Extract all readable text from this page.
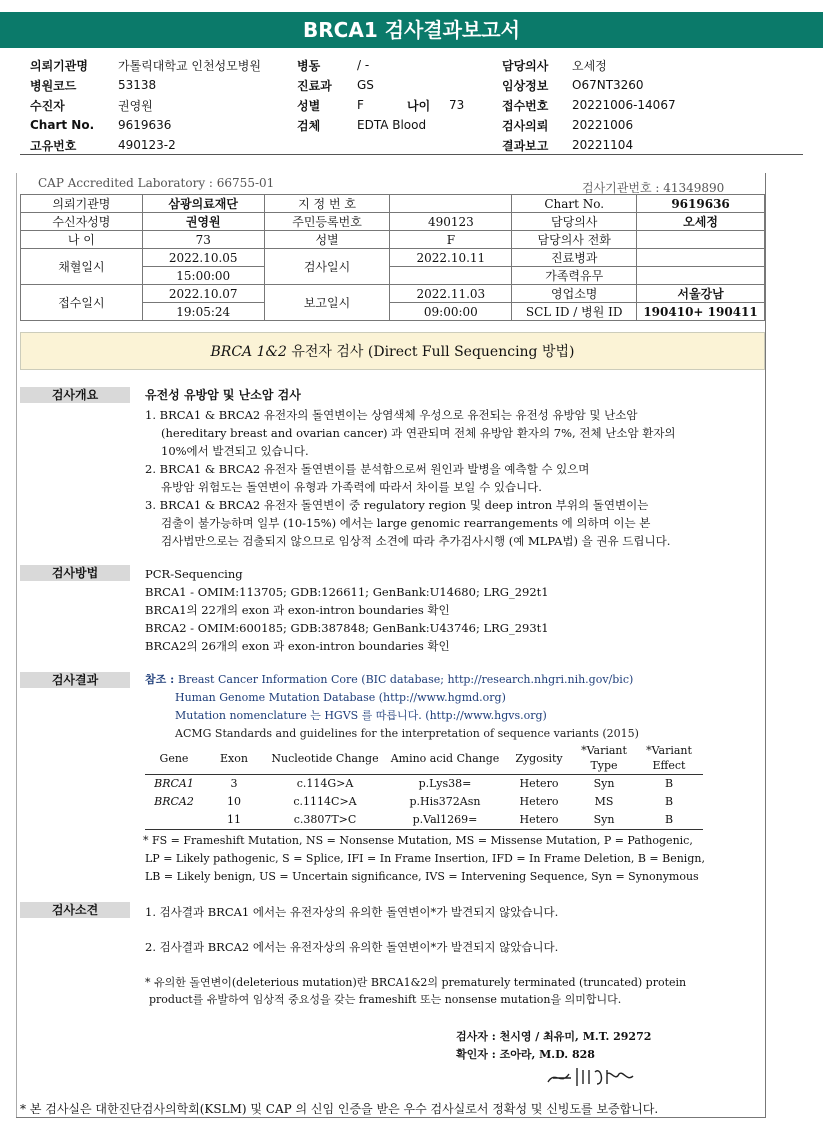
BRCA1 검사결과보고서
의뢰기관명	가톨릭대학교 인천성모병원
병원코드	53138
수진자	권영원
Chart No.	9619636
고유번호	490123-2
병동	/ -
진료과	GS
성별	F	나이	73
검체	EDTA Blood
담당의사	오세정
임상정보	O67NT3260
접수번호	20221006-14067
검사의뢰	20221006
결과보고	20221104
CAP Accredited Laboratory : 66755-01	검사기관번호 : 41349890
의뢰기관명	삼광의료재단	지 정 번 호		Chart No.	9619636
수신자성명	권영원	주민등록번호	490123	담당의사	오세정
나 이	73	성별	F	담당의사 전화	
채혈일시	2022.10.05	검사일시	2022.10.11	진료병과	
	15:00:00			가족력유무	
접수일시	2022.10.07	보고일시	2022.11.03	영업소명	서울강남
	19:05:24		09:00:00	SCL ID / 병원 ID	190410+ 190411
BRCA 1&2 유전자 검사 (Direct Full Sequencing 방법)
검사개요	유전성 유방암 및 난소암 검사
1. BRCA1 & BRCA2 유전자의 돌연변이는 상염색체 우성으로 유전되는 유전성 유방암 및 난소암
(hereditary breast and ovarian cancer) 과 연관되며 전체 유방암 환자의 7%, 전체 난소암 환자의
10%에서 발견되고 있습니다.
2. BRCA1 & BRCA2 유전자 돌연변이를 분석함으로써 원인과 발병을 예측할 수 있으며
유방암 위험도는 돌연변이 유형과 가족력에 따라서 차이를 보일 수 있습니다.
3. BRCA1 & BRCA2 유전자 돌연변이 중 regulatory region 및 deep intron 부위의 돌연변이는
검출이 불가능하며 일부 (10-15%) 에서는 large genomic rearrangements 에 의하며 이는 본
검사법만으로는 검출되지 않으므로 임상적 소견에 따라 추가검사시행 (예 MLPA법) 을 권유 드립니다.
검사방법	PCR-Sequencing
BRCA1 - OMIM:113705; GDB:126611; GenBank:U14680; LRG_292t1
BRCA1의 22개의 exon 과 exon-intron boundaries 확인
BRCA2 - OMIM:600185; GDB:387848; GenBank:U43746; LRG_293t1
BRCA2의 26개의 exon 과 exon-intron boundaries 확인
검사결과	참조 : Breast Cancer Information Core (BIC database; http://research.nhgri.nih.gov/bic)
Human Genome Mutation Database (http://www.hgmd.org)
Mutation nomenclature 는 HGVS 를 따릅니다. (http://www.hgvs.org)
ACMG Standards and guidelines for the interpretation of sequence variants (2015)
Gene	Exon	Nucleotide Change	Amino acid Change	Zygosity	*Variant Type	*Variant Effect
BRCA1	3	c.114G>A	p.Lys38=	Hetero	Syn	B
BRCA2	10	c.1114C>A	p.His372Asn	Hetero	MS	B
	11	c.3807T>C	p.Val1269=	Hetero	Syn	B
* FS = Frameshift Mutation, NS = Nonsense Mutation, MS = Missense Mutation, P = Pathogenic,
LP = Likely pathogenic, S = Splice, IFI = In Frame Insertion, IFD = In Frame Deletion, B = Benign,
LB = Likely benign, US = Uncertain significance, IVS = Intervening Sequence, Syn = Synonymous
검사소견	1. 검사결과 BRCA1 에서는 유전자상의 유의한 돌연변이*가 발견되지 않았습니다.
2. 검사결과 BRCA2 에서는 유전자상의 유의한 돌연변이*가 발견되지 않았습니다.
* 유의한 돌연변이(deleterious mutation)란 BRCA1&2의 prematurely terminated (truncated) protein
product를 유발하여 임상적 중요성을 갖는 frameshift 또는 nonsense mutation을 의미합니다.
검사자 : 천시영 / 최유미, M.T. 29272
확인자 : 조아라, M.D. 828
* 본 검사실은 대한진단검사의학회(KSLM) 및 CAP 의 신임 인증을 받은 우수 검사실로서 정확성 및 신빙도를 보증합니다.
